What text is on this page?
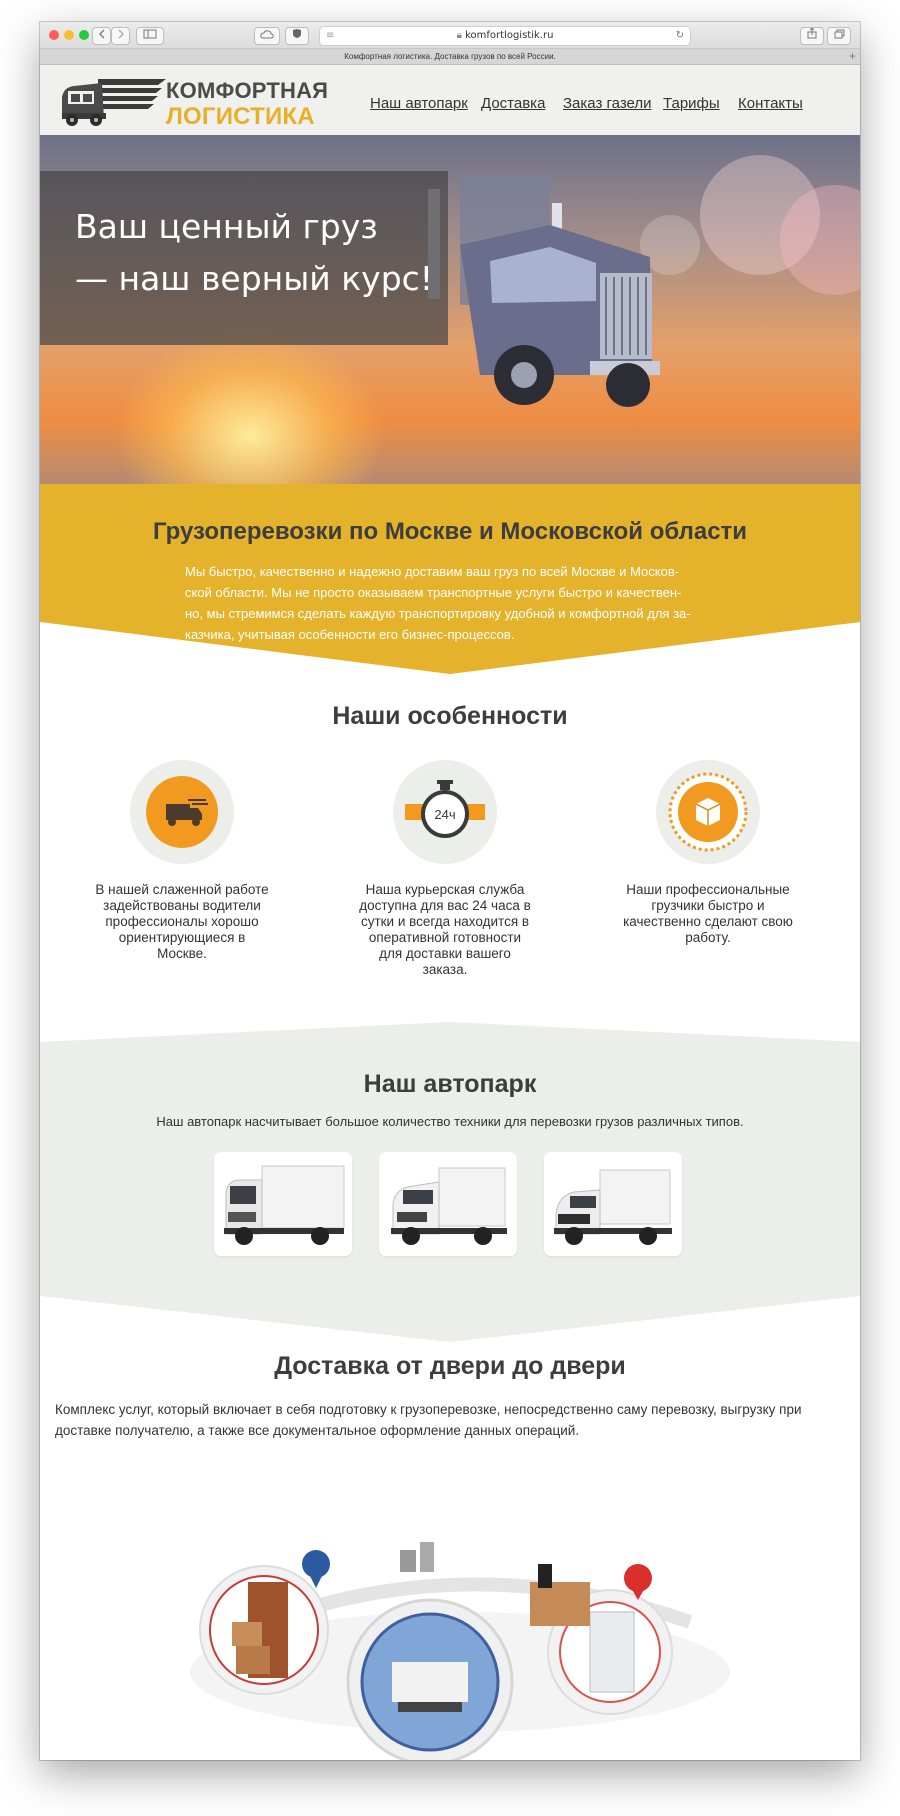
≡	🔒︎ komfortlogistik.ru	↻
Комфортная логистика. Доставка грузов по всей России.	+
КОМФОРТНАЯ
ЛОГИСТИКА	Наш автопарк Доставка Заказ газели Тарифы Контакты
Ваш ценный груз
— наш верный курс!
Грузоперевозки по Москве и Московской области
Мы быстро, качественно и надежно доставим ваш груз по всей Москве и Москов-
ской области. Мы не просто оказываем транспортные услуги быстро и качествен-
но, мы стремимся сделать каждую транспортировку удобной и комфортной для за-
казчика, учитывая особенности его бизнес-процессов.
Наши особенности
В нашей слаженной работе
задействованы водители
профессионалы хорошо
ориентирующиеся в
Москве.
24ч
Наша курьерская служба
доступна для вас 24 часа в
сутки и всегда находится в
оперативной готовности
для доставки вашего
заказа.
Наши профессиональные
грузчики быстро и
качественно сделают свою
работу.
Наш автопарк
Наш автопарк насчитывает большое количество техники для перевозки грузов различных типов.
Доставка от двери до двери
Комплекс услуг, который включает в себя подготовку к грузоперевозке, непосредственно саму перевозку, выгрузку при
доставке получателю, а также все документальное оформление данных операций.
